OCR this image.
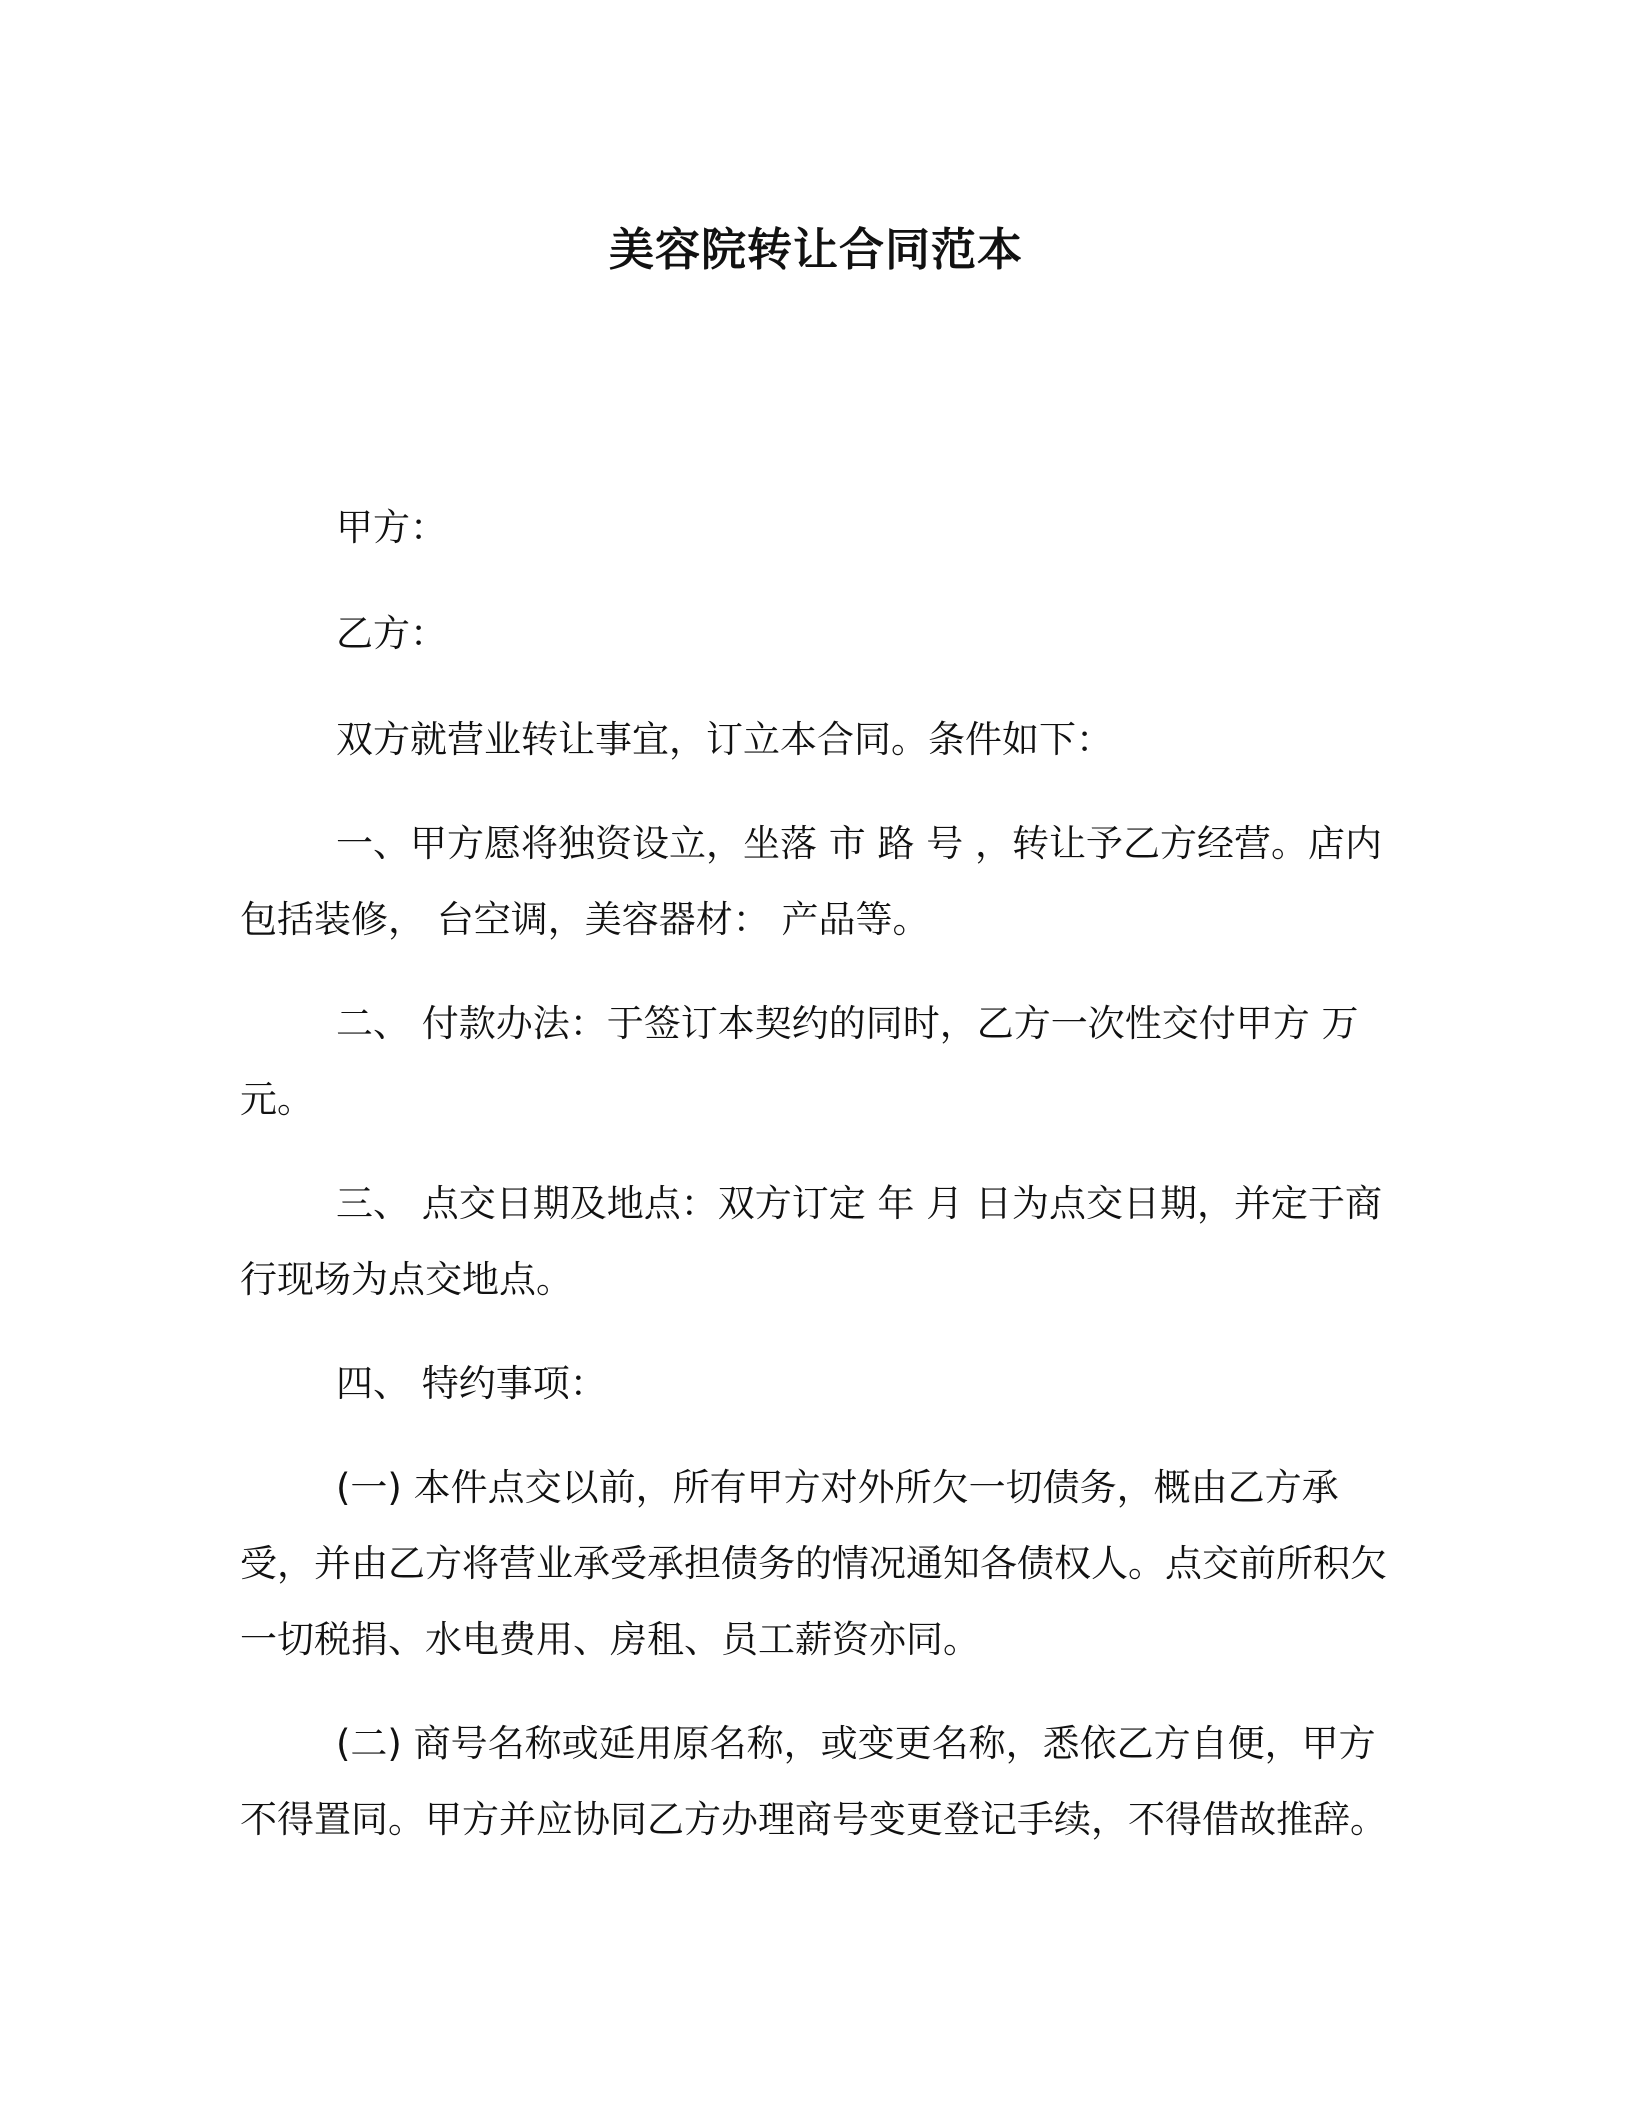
美容院转让合同范本

甲方：

乙方：

双方就营业转让事宜，订立本合同。条件如下：

一、甲方愿将独资设立，坐落 市 路 号 ，转让予乙方经营。店内包括装修， 台空调，美容器材： 产品等。

二、 付款办法：于签订本契约的同时，乙方一次性交付甲方 万元。

三、 点交日期及地点：双方订定 年 月 日为点交日期，并定于商行现场为点交地点。

四、 特约事项：

(一) 本件点交以前，所有甲方对外所欠一切债务，概由乙方承受，并由乙方将营业承受承担债务的情况通知各债权人。点交前所积欠一切税捐、水电费用、房租、员工薪资亦同。

(二) 商号名称或延用原名称，或变更名称，悉依乙方自便，甲方不得置同。甲方并应协同乙方办理商号变更登记手续，不得借故推辞。
